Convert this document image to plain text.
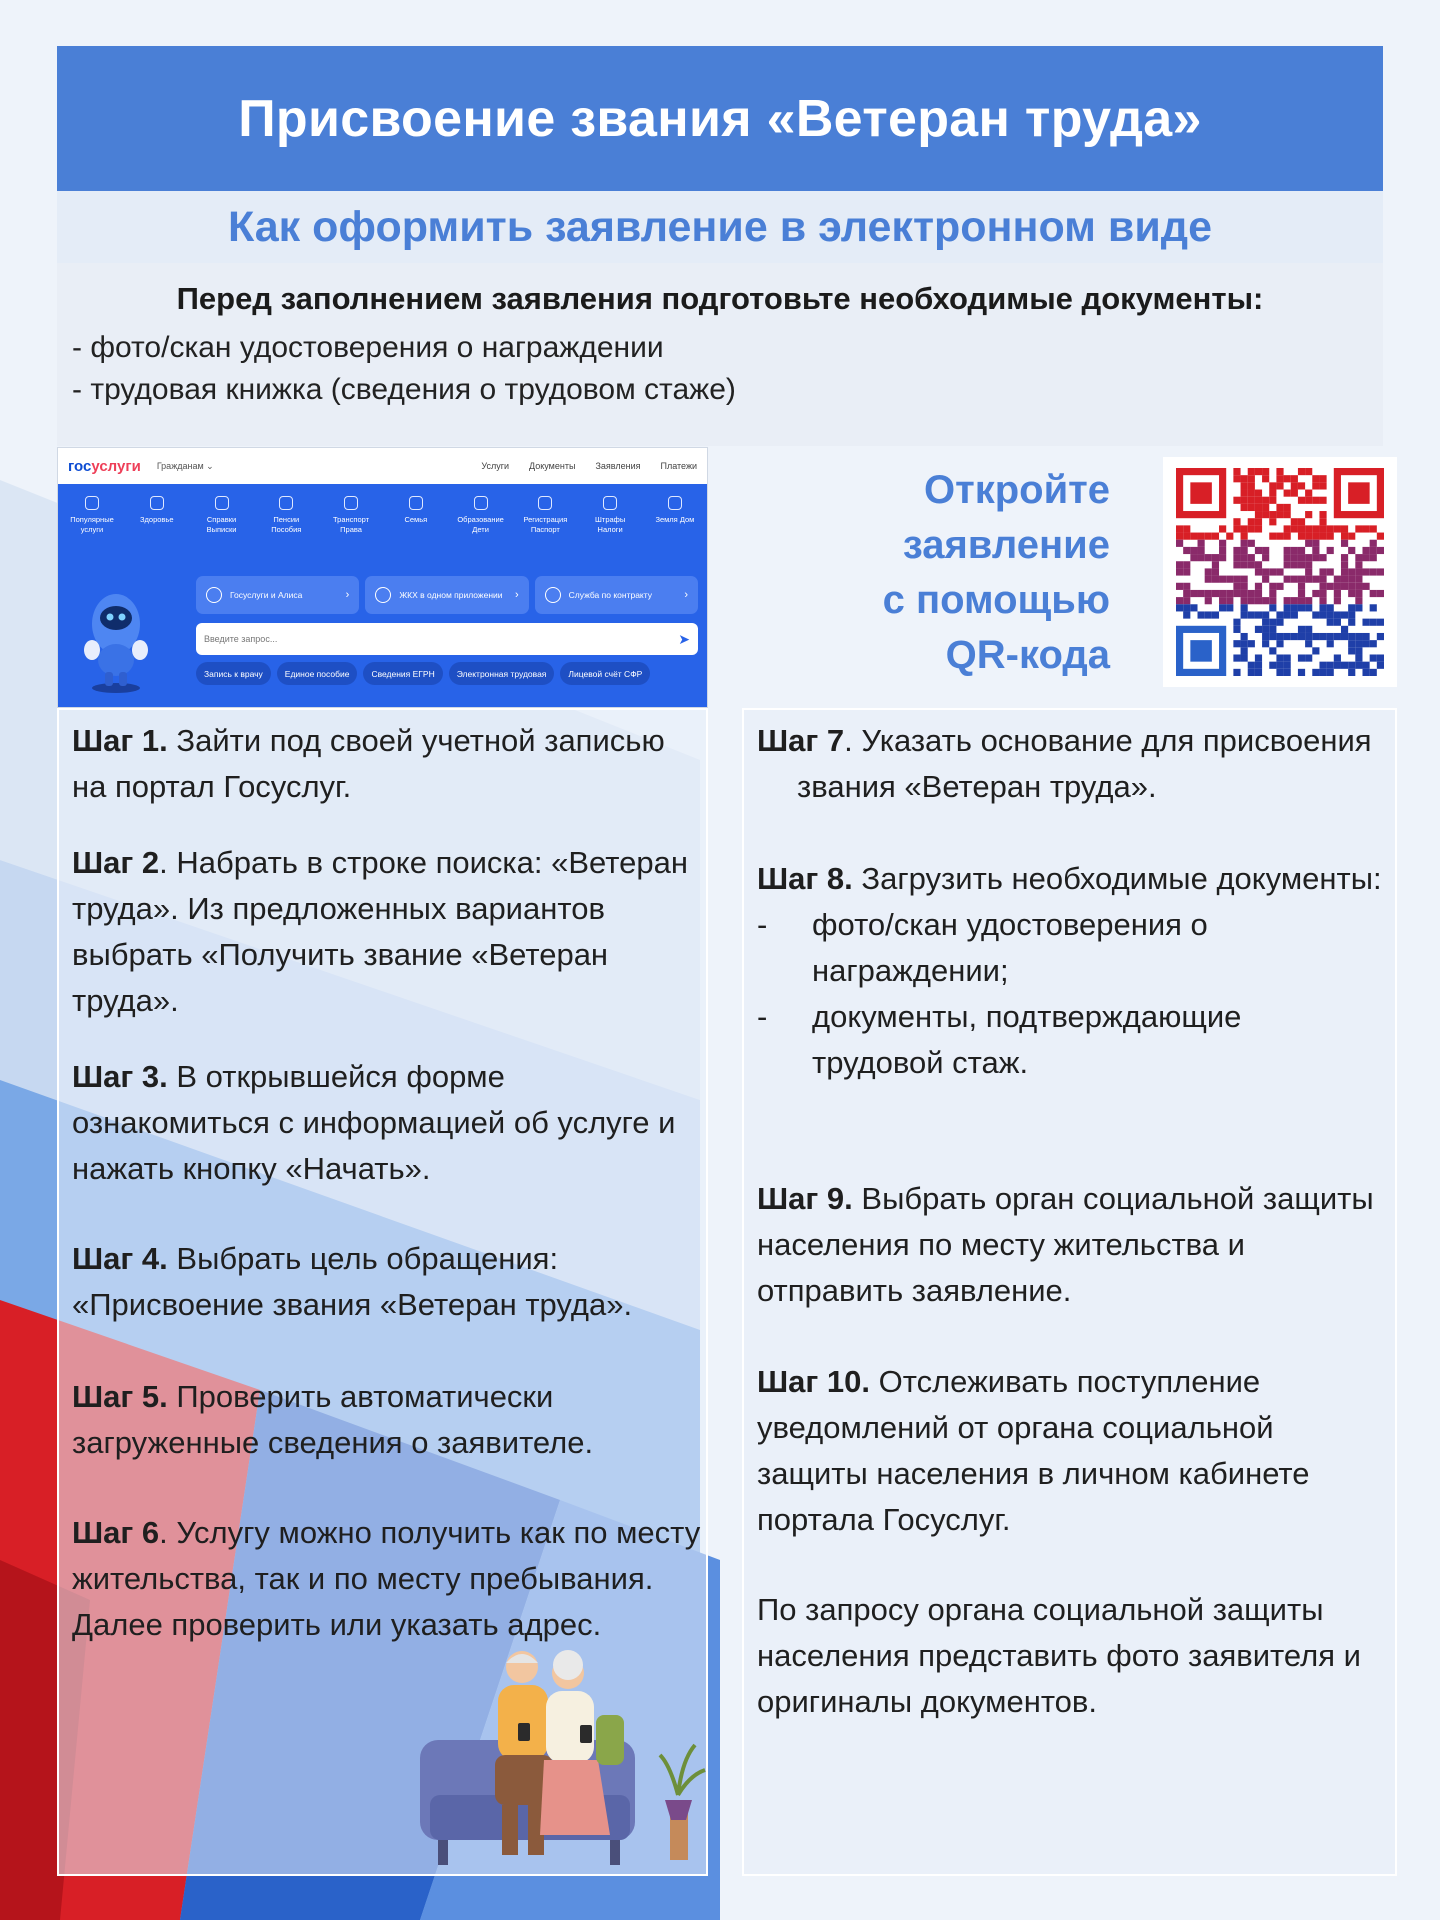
Присвоение звания «Ветеран труда»
Как оформить заявление в электронном виде
Перед заполнением заявления подготовьте необходимые документы:
- фото/скан удостоверения о награждении
- трудовая книжка (сведения о трудовом стаже)
госуслуги Гражданам ⌄	Услуги Документы Заявления Платежи
Популярные
услуги
Здоровье	Справки
Выписки
Пенсии
Пособия
Транспорт
Права
Семья	Образование
Дети
Регистрация
Паспорт
Штрафы
Налоги
Земля Дом

Госуслуги и Алиса	›	ЖКХ в одном приложении ›	Служба по контракту	›
Введите запрос...	➤
Запись к врачу	Единое пособие	Сведения ЕГРН	Электронная трудовая	Лицевой счёт СФР
Откройте
заявление
с помощью
QR-кода
Шаг 1. Зайти под своей учетной записью на портал Госуслуг.
Шаг 2. Набрать в строке поиска: «Ветеран труда». Из предложенных вариантов выбрать «Получить звание «Ветеран труда».
Шаг 3. В открывшейся форме ознакомиться с информацией об услуге и нажать кнопку «Начать».
Шаг 4. Выбрать цель обращения: «Присвоение звания «Ветеран труда».
Шаг 5. Проверить автоматически загруженные сведения о заявителе.
Шаг 6. Услугу можно получить как по месту жительства, так и по месту пребывания. Далее проверить или указать адрес.
Шаг 7. Указать основание для присвоения
звания «Ветеран труда».
Шаг 8. Загрузить необходимые документы:
-	фото/скан удостоверения о
награждении;
-	документы, подтверждающие
трудовой стаж.
Шаг 9. Выбрать орган социальной защиты населения по месту жительства и отправить заявление.
Шаг 10. Отслеживать поступление уведомлений от органа социальной защиты населения в личном кабинете портала Госуслуг.
По запросу органа социальной защиты населения представить фото заявителя и оригиналы документов.
